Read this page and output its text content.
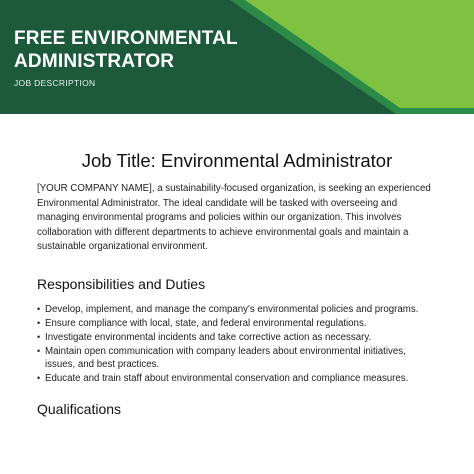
FREE ENVIRONMENTAL
ADMINISTRATOR
JOB DESCRIPTION
Job Title: Environmental Administrator

[YOUR COMPANY NAME], a sustainability-focused organization, is seeking an experienced Environmental Administrator. The ideal candidate will be tasked with overseeing and managing environmental programs and policies within our organization. This involves collaboration with different departments to achieve environmental goals and maintain a sustainable organizational environment.

Responsibilities and Duties
• Develop, implement, and manage the company's environmental policies and programs.
• Ensure compliance with local, state, and federal environmental regulations.
• Investigate environmental incidents and take corrective action as necessary.
• Maintain open communication with company leaders about environmental initiatives, issues, and best practices.
• Educate and train staff about environmental conservation and compliance measures.
Qualifications
